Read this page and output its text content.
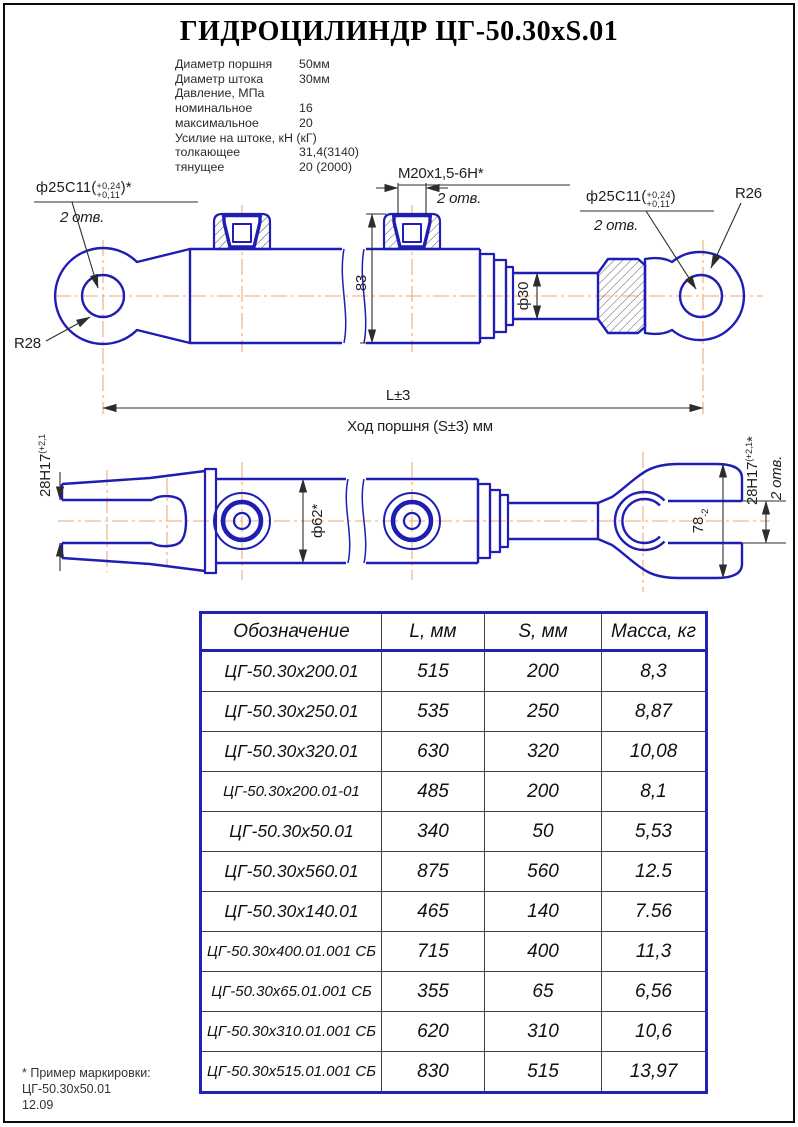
ГИДРОЦИЛИНДР ЦГ-50.30хS.01
Диаметр поршня 50мм
Диаметр штока	30мм
Давление, МПа
номинальное	16
максимальное	20
Усилие на штоке, кН (кГ)
толкающее	31,4(3140)
тянущее	20 (2000)	M20x1,5-6H*
2 отв.
2 отв.	2 отв.
R26
R28
83	ф30
L±3
Ход поршня (S±3) мм
$28H17^{(+2,1}$
ф62*	$78_{-2}$
$28H17^{(+2,1}*$
2 отв.
ф25C11( +0,24
+0,11 )*
ф25C11( +0,24
+0,11 )
Обозначение	L, мм	S, мм	Масса, кг
ЦГ-50.30х200.01	515	200	8,3
ЦГ-50.30х250.01	535	250	8,87
ЦГ-50.30х320.01	630	320	10,08
ЦГ-50.30х200.01-01	485	200	8,1
ЦГ-50.30х50.01	340	50	5,53
ЦГ-50.30х560.01	875	560	12.5
ЦГ-50.30х140.01	465	140	7.56
ЦГ-50.30х400.01.001 СБ	715	400	11,3
ЦГ-50.30х65.01.001 СБ	355	65	6,56
ЦГ-50.30х310.01.001 СБ	620	310	10,6
ЦГ-50.30х515.01.001 СБ	830	515	13,97
* Пример маркировки:
ЦГ-50.30х50.01
12.09
